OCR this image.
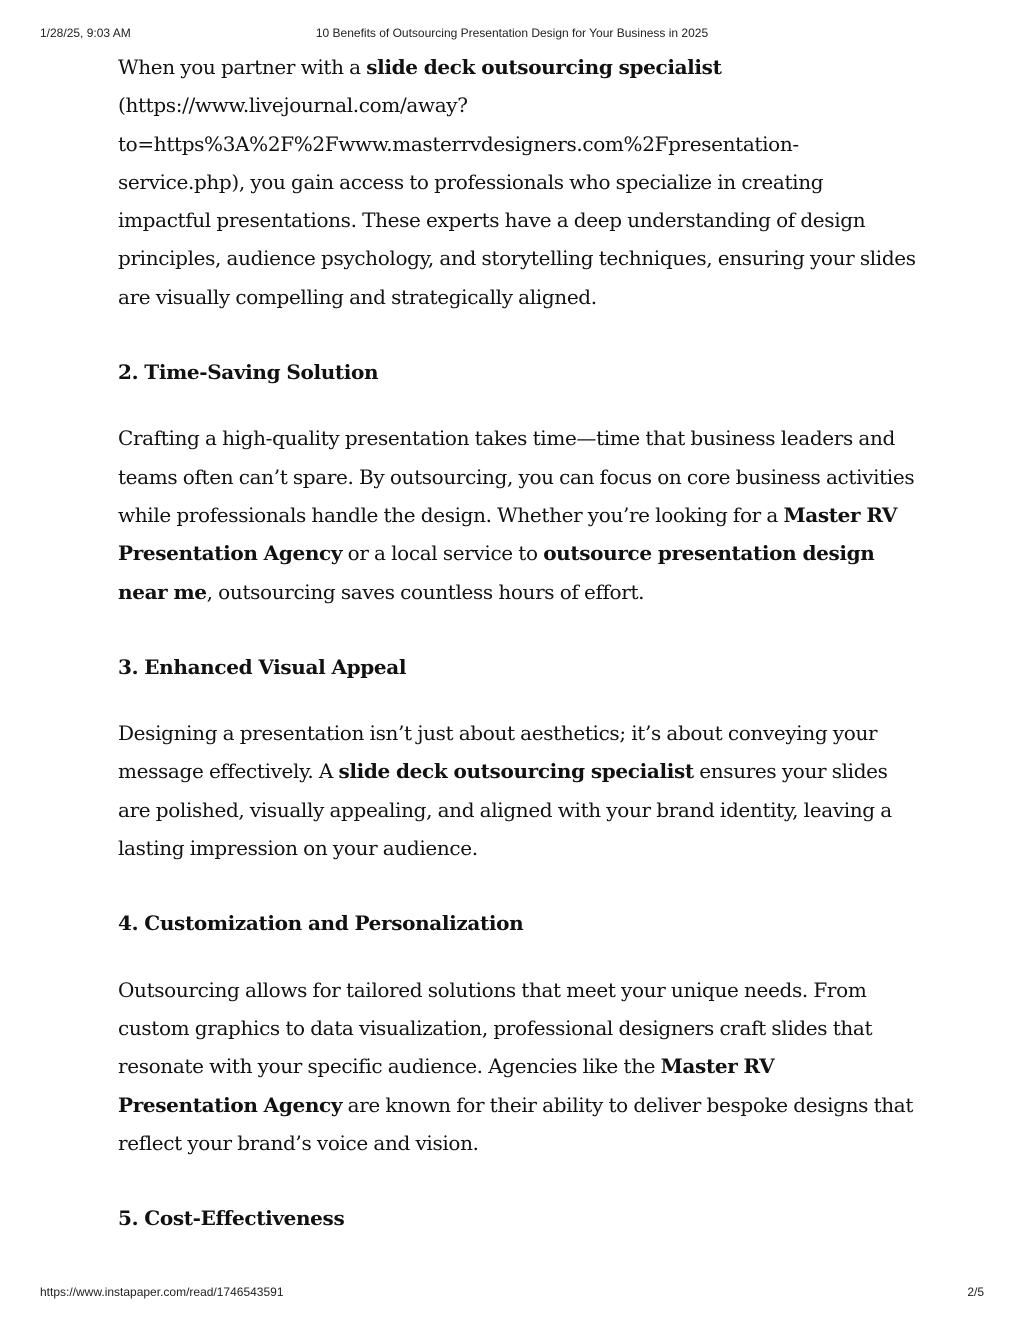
1/28/25, 9:03 AM	10 Benefits of Outsourcing Presentation Design for Your Business in 2025

When you partner with a slide deck outsourcing specialist
(https://www.livejournal.com/away?
to=https%3A%2F%2Fwww.masterrvdesigners.com%2Fpresentation-
service.php), you gain access to professionals who specialize in creating impactful presentations. These experts have a deep understanding of design principles, audience psychology, and storytelling techniques, ensuring your slides are visually compelling and strategically aligned.

2. Time-Saving Solution

Crafting a high-quality presentation takes time—time that business leaders and teams often can’t spare. By outsourcing, you can focus on core business activities while professionals handle the design. Whether you’re looking for a Master RV Presentation Agency or a local service to outsource presentation design near me, outsourcing saves countless hours of effort.

3. Enhanced Visual Appeal

Designing a presentation isn’t just about aesthetics; it’s about conveying your message effectively. A slide deck outsourcing specialist ensures your slides are polished, visually appealing, and aligned with your brand identity, leaving a lasting impression on your audience.

4. Customization and Personalization

Outsourcing allows for tailored solutions that meet your unique needs. From custom graphics to data visualization, professional designers craft slides that resonate with your specific audience. Agencies like the Master RV Presentation Agency are known for their ability to deliver bespoke designs that reflect your brand’s voice and vision.

5. Cost-Effectiveness
https://www.instapaper.com/read/1746543591	2/5
